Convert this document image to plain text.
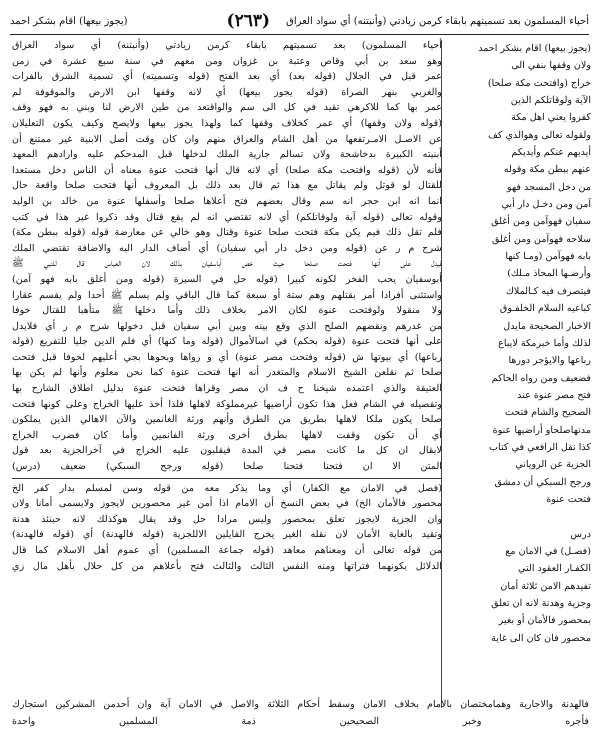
أحياء المسلمون بعد تسميتهم بابقاء كرمن زيادتي (وأنبتنه) أي سواد العراق
(٢٦٣)
(يجوز بيعها) اقام بشكر احمد
(يجوز بيعها) اقام بشكر احمد
ولان وقفها بنفي الى
خراج (وافتحت مكة صلحا)
الآية ولوقاتلكم الذين
كفروا يعني اهل مكة
ولقوله تعالى وهوالذي كف
أيديهم عنكم وأيديكم
عنهم ببطن مكة وقوله
من دخل المسجد فهو
آمن ومن دخـل دار أبي
سفيان فهوآمن ومن أغلق
سلاحه فهوآمن ومن أغلق
بابه فهوآمن (ومـا كنها
وأرضـها المحاذ مـلك)
فيتصرف فيه كـالملاك
كباعيه السلام الخلفـوق
الاخبار الصحيحة مايدل
لذلك وأما خبرمكة لايباع
رباعها والايؤجر دورها
فضعيف ومن رواه الحاكم
فتح مصر عنوة عند
الصحيح والشام فتحت
مدنهاصلحاو أراضيها عنوة
كذا نقل الرافعي في كتاب
الجزية عن الروياني
ورجح السبكي أن دمشق
فتحت عنوة
درس
(فصـل) في الامان مع
الكفـار العقود التي
تفيدهم الامن ثلاثة أمان
وجزية وهدنة لانه ان تعلق
بمحصور فالأمان أو بغير
محصور فان كان الى غاية
أحياء المسلمون) بعد تسميتهم بابقاء كرمن زيادتي (وأنبتنه) أي سواد العراق
وهو سعد بن أبي وقاص وعتبة بن غزوان ومن معهم في سنة سبع عشرة في زمن
عمر قبل في الجلال (قوله بعد) أي بعد الفتح (قوله وتسميته) أي تسمية الشرق بالفرات
والغربي بنهر الصراة (قوله يجوز بيعها) أي لانه وقفها ابن الارض والموقوفة لم
عمر بها كما للاكرهي تقيد في كل الى سم والواقتعد من طين الارض لنا وبني به فهو وقف
(قوله ولان وقفها) أي عمر كخلاف وقفها كما ولهذا يجوز بيعها ولايصح وكيف يكون التعليلان
عن الاصـل الامـرتفعها من أهل الشام والعراق منهم وان كان وقت أصل الابنية غير ممتنع أن
أبنيته الكبيرة بدخاشحة ولان تسالم جارية الملك لدخلها قبل المدحكم عليه وارادهم المعهد
فأنه لأن (قوله وافتحت مكة صلحا) أي لانه قال أنها فتحت عنوة معناه أن الناس دخل مستعدا
للقتال لو قوتل ولم يقاتل مع هذا ثم قال بعد ذلك بل المعروف أنها فتحت صلحا واقعة حال
انما انه ابن حجر انه سم وقال بعضهم فتح أعلاها صلحا وأسفلها عنوة من خالد بن الوليد
وقوله تعالى (قوله آية ولوقاتلكم) أي لانه تقتضي انه لم يقع قتال وقد ذكروا غير هذا في كتب
فلم تقل ذلك فيم يكن مكة فتحت صلحا عنوة وقتال وهو خالي عن معارضة قوله (قوله ببطن مكة)
شرح م ر عن (قوله ومن دخل دار أبي سفيان) أي أضاف الدار اليه والاضافة تقتضي الملك
فيدل على أنها فتحت صلحا حيث خص أباسفيان بذلك لان العباس قال للنبي ﷺ
أبوسفيان يحب الفخر لكونه كبيرا (قوله حل في السيرة (قوله ومن أغلق بابه فهو آمن)
واستثنى أفرادا أمر بقتلهم وهم ستة أو سبعة كما قال الباقي ولم يسلم ﷺ أحدا ولم يقسم عقارا
ولا منقولا ولوفتحت عنوة لكان الامر بخلاف ذلك وأما دخلها ﷺ متأهبا للقتال خوفا
من غدرهم ونقضهم الصلح الذي وقع بينه وبين أبي سفيان قبل دخولها شرح م ر أي فلايدل
على أنها فتحت عنوة (قوله بحكم) في اسالأموال (قوله وما كنها) أي فلم الدين جليا للتفريع (قوله
رباعها) أي بيوتها ش (قوله وفتحت مصر عنوة) أي و رواها وبحوها بجي أعليهم لحوفا قبل فتحت
صلحا ثم نقلعن الشيخ الاسلام والمتغدر أنه انها فتحت عنوة كما نحن معلوم وأنها لم يكن بها
العتيقة والذي اعتمده شيخنا ح ف ان مصر وقراها فتحت عنوة بدليل اطلاق الشارح بها
وتفصيله في الشام فعل هذا تكون أراضيها غيرمملوكة لاهلها فلذا أخذ عليها الخراج وعلى كونها فتحت
صلحا يكون ملكا لاهلها بطريق من الطرق وأنهم ورثة الغانمين والآن الاهالي الذين يملكون
أي أن تكون وقفت لاهلها بطرق أخرى ورثة الفانمين وأما كان فضرب الخراج
لايقال ان كل ما كانت مصر في المدة فيقلبون عليه الخراج في آخرالجزية بعد قول
المتن الا ان فتحنا فتحنا صلحا (قوله ورجح السبكي) ضعيف (درس)
(فصل في الامان مع الكفار) أي وما يذكر معه من قوله وسن لمسلم بدار كفر الخ
محصور فالأمان الخ) في بعض النسخ أن الامام اذا أمن غير محصورين لايجوز ولايسمى أمانا ولان
وان الجزية لايجوز تعلق بمحصور وليس مرادا حل وقد يقال هوكذلك لانه حينئذ هدنة
وتقيد بالغاية الأمان لان نقله الغير يخرج القايلين الاللجزية (قوله فالهدنة) أي (قوله فالهدنة)
من قوله تعالى أن ومعناهم معاهد (قوله جماعة المسلمين) أي عموم أهل الاسلام كما قال
الدلائل بكونهما فتراتها ومنه النفس الثالث والثالث فتح بأعلاهم من كل حلال بأهل مال زي
فالهدنة والاجارية وهمامختصان بالامام بخلاف الامان وسقط أحكام الثلاثة والاصل في الامان آية وان أحدمن المشركين استجارك
فأجره وخبر الصحيحين ذمة المسلمين واحدة
